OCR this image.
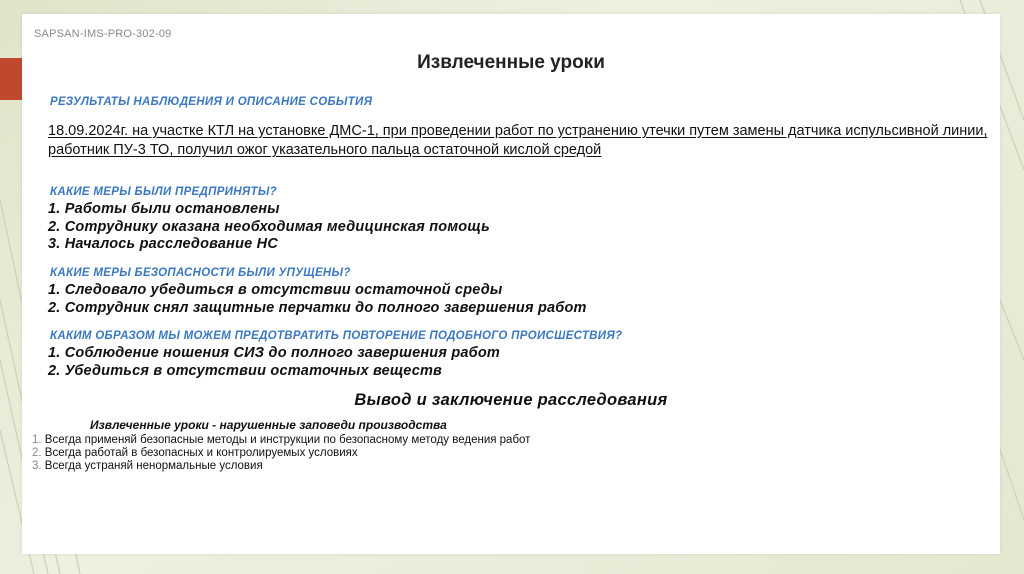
SAPSAN-IMS-PRO-302-09
Извлеченные уроки
РЕЗУЛЬТАТЫ НАБЛЮДЕНИЯ И ОПИСАНИЕ СОБЫТИЯ
18.09.2024г. на участке КТЛ на установке ДМС-1, при проведении работ по устранению утечки путем замены датчика испульсивной линии, работник ПУ-3 ТО, получил ожог указательного пальца остаточной кислой средой
КАКИЕ МЕРЫ БЫЛИ ПРЕДПРИНЯТЫ?
1. Работы были остановлены
2. Сотруднику оказана необходимая медицинская помощь
3. Началось расследование НС
КАКИЕ МЕРЫ БЕЗОПАСНОСТИ БЫЛИ УПУЩЕНЫ?
1. Следовало убедиться в отсутствии остаточной среды
2. Сотрудник снял защитные перчатки до полного завершения работ
КАКИМ ОБРАЗОМ МЫ МОЖЕМ ПРЕДОТВРАТИТЬ ПОВТОРЕНИЕ ПОДОБНОГО ПРОИСШЕСТВИЯ?
1. Соблюдение ношения СИЗ до полного завершения работ
2. Убедиться в отсутствии остаточных веществ
Вывод и заключение расследования
Извлеченные уроки - нарушенные заповеди производства
1. Всегда применяй безопасные методы и инструкции по безопасному методу ведения работ
2. Всегда работай в безопасных и контролируемых условиях
3. Всегда устраняй ненормальные условия
